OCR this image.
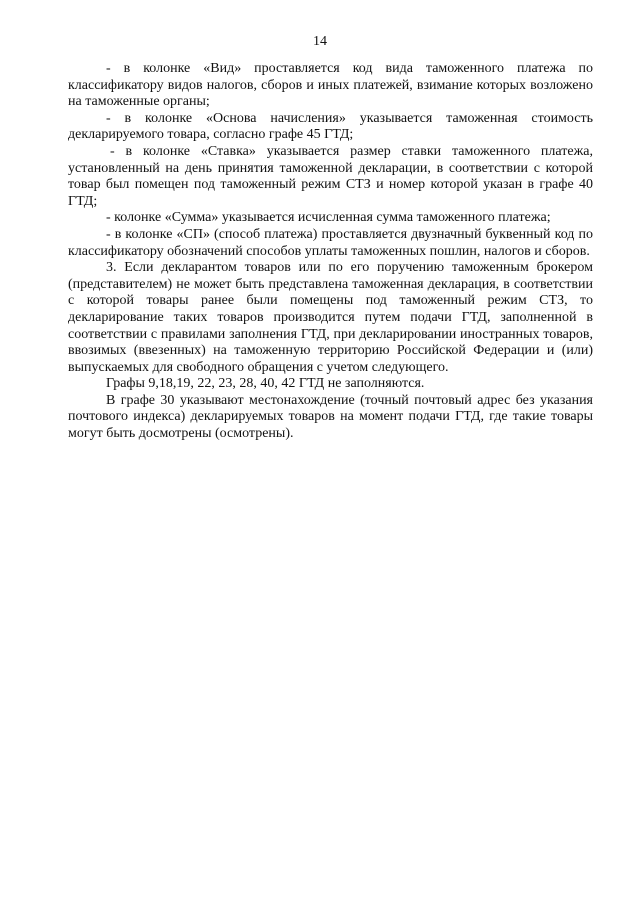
14

- в колонке «Вид» проставляется код вида таможенного платежа по классификатору видов налогов, сборов и иных платежей, взимание которых возложено на таможенные органы;

- в колонке «Основа начисления» указывается таможенная стоимость декларируемого товара, согласно графе 45 ГТД;

- в колонке «Ставка» указывается размер ставки таможенного платежа, установленный на день принятия таможенной декларации, в соответствии с которой товар был помещен под таможенный режим СТЗ и номер которой указан в графе 40 ГТД;

- колонке «Сумма» указывается исчисленная сумма таможенного платежа;

- в колонке «СП» (способ платежа) проставляется двузначный буквенный код по классификатору обозначений способов уплаты таможенных пошлин, налогов и сборов.

3. Если декларантом товаров или по его поручению таможенным брокером (представителем) не может быть представлена таможенная декларация, в соответствии с которой товары ранее были помещены под таможенный режим СТЗ, то декларирование таких товаров производится путем подачи ГТД, заполненной в соответствии с правилами заполнения ГТД, при декларировании иностранных товаров, ввозимых (ввезенных) на таможенную территорию Российской Федерации и (или) выпускаемых для свободного обращения с учетом следующего.

Графы 9,18,19, 22, 23, 28, 40, 42 ГТД не заполняются.

В графе 30 указывают местонахождение (точный почтовый адрес без указания почтового индекса) декларируемых товаров на момент подачи ГТД, где такие товары могут быть досмотрены (осмотрены).
